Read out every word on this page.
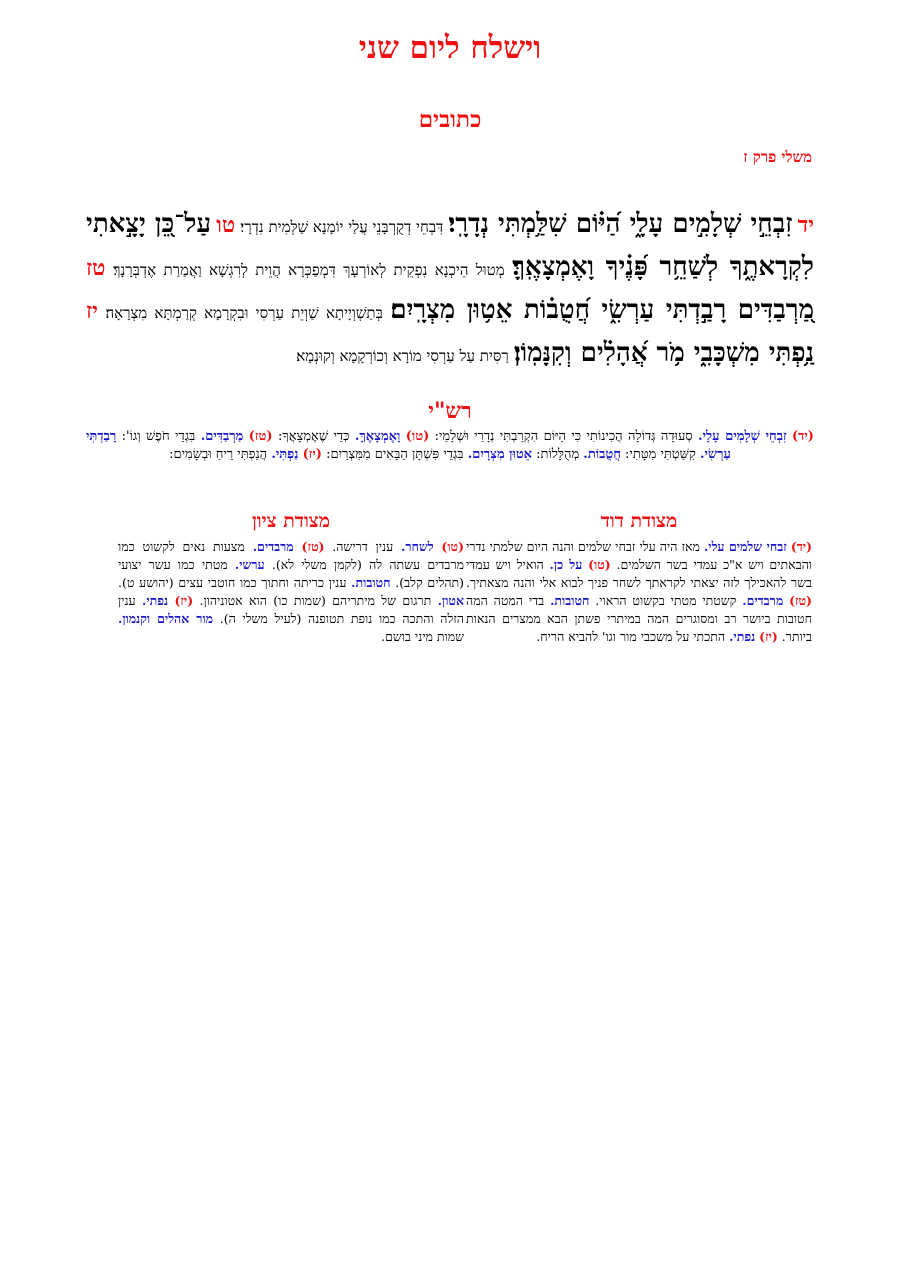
וישלח ליום שני
כתובים
משלי פרק ז
יד זִבְחֵ֣י שְׁלָמִ֣ים עָלָ֑י הַ֝יּ֗וֹם שִׁלַּ֥מְתִּי נְדָרָֽי׃ דִּבְחֵי דְקֻרְבָּנֵי עֲלַי יוֹמָנָא שַׁלְּמִית נִדְרָי׃ טו עַל־כֵּ֭ן יָצָ֣אתִי לִקְרָאתֶ֑ךָ לְשַׁחֵ֥ר פָּ֝נֶ֗יךָ וָאֶמְצָאֶֽךָּ׃ מְטוּל הֵיכְנָא נִפְקֵית לְאוֹרְעָךְ דִּמְפַכְּרָא הֲוֵית לְרִגְשָׁא וַאֲמַרַת אֶדְבְּרָנָךְ׃ טז מַ֭רְבַדִּים רָבַ֣דְתִּי עַרְשִׂ֑י חֲ֝טֻב֗וֹת אֵט֥וּן מִצְרָֽיִם׃ בְּתַשְׁוְיָיתָא שַׁוְיֵת עַרְסִי וּבִקְרָמָא קְרַמְתָּא מִצְרָאָה׃ יז נַ֥פְתִּי מִשְׁכָּבִ֑י מֹ֥ר אֲ֝הָלִ֗ים וְקִנָּמֽוֹן׃ רַסִּית עַל עַרְסִי מוֹרָא וְכוֹרְקָמָא וְקוּנְמָא׃
רש"י
(יד) זִבְחֵי שְׁלָמִים עָלָי. סְעוּדָה גְּדוֹלָה הֲכִינוֹתִי כִּי הַיּוֹם הִקְרַבְתִּי נְדָרַי וּשְׁלָמַי: (טו) וָאֶמְצָאֶךָּ. כְּדֵי שֶׁאֶמְצָאֲךָ: (טז) מַרְבַדִּים. בִּגְדֵי חֹפֶשׁ וְגוֹ': רָבַדְתִּי עַרְשִׂי. קִשַּׁטְתִּי מִטָּתִי: חֲטֻבוֹת. מְהֻלָּלוֹת: אֵטוּן מִצְרָיִם. בִּגְדֵי פִּשְׁתָּן הַבָּאִים מִמִּצְרַיִם: (יז) נַפְתִּי. הֲנַפְתִּי רֵיחַ וּבְשָׂמִים:
מצודת דוד
(יד) זבחי שלמים עלי. מאז היה עלי זבחי שלמים והנה היום שלמתי נדרי והבאתים ויש א"כ עמדי בשר השלמים. (טו) על כן. הואיל ויש עמדי בשר להאכילך לזה יצאתי לקראתך לשחר פניך לבוא אלי והנה מצאתיך. (טז) מרבדים. קשטתי מטתי בקשוט הראוי. חטובות. בדי המטה המה חטובות ביושר רב ומסוגרים המה במיתרי פשתן הבא ממצרים הנאות ביותר. (יז) נפתי. התכתי על משכבי מור וגו' להביא הריח.
מצודת ציון
(טו) לשחר. ענין דרישה. (טז) מרבדים. מצעות נאים לקשוט כמו מרבדים עשתה לה (לקמן משלי לא). ערשי. מטתי כמו עשר יצועי (תהלים קלב). חטובות. ענין כריתה וחתוך כמו חוטבי עצים (יהושע ט). אטון. תרגום של מיתריהם (שמות כו) הוא אטוניהון. (יז) נפתי. ענין הזלה והתכה כמו נופת תטופנה (לעיל משלי ה). מור אהלים וקנמון. שמות מיני בושם.
